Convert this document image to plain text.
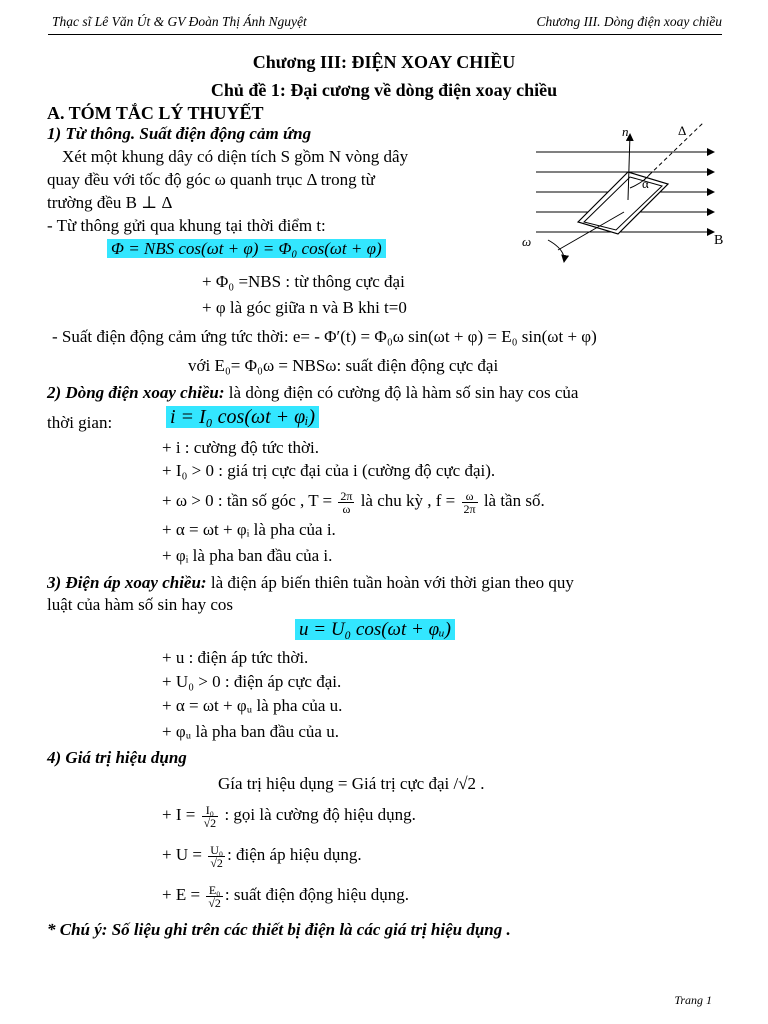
Thạc sĩ Lê Văn Út & GV Đoàn Thị Ánh Nguyệt	Chương III. Dòng điện xoay chiều
Chương III: ĐIỆN XOAY CHIỀU
Chủ đề 1: Đại cương về dòng điện xoay chiều
A. TÓM TẮC LÝ THUYẾT
1) Từ thông. Suất điện động cảm ứng
Xét một khung dây có diện tích S gồm N vòng dây
quay đều với tốc độ góc ω quanh trục Δ trong từ
trường đều B ⊥ Δ
- Từ thông gửi qua khung tại thời điểm t:
Φ = NBS cos(ωt + φ) = Φ₀ cos(ωt + φ)
+ Φ₀ =NBS : từ thông cực đại
+ φ là góc giữa n và B khi t=0
- Suất điện động cảm ứng tức thời: e= - Φ′(t) = Φ₀ω sin(ωt + φ) = E₀ sin(ωt + φ)
với E₀= Φ₀ω = NBSω: suất điện động cực đại
n	Δ
α
ω	B
2) Dòng điện xoay chiều: là dòng điện có cường độ là hàm số sin hay cos của
thời gian:	i = I₀ cos(ωt + φᵢ)
+ i : cường độ tức thời.
+ I₀ > 0 : giá trị cực đại của i (cường độ cực đại).
+ ω > 0 : tần số góc , $T = \frac{2\pi}{\omega}$ là chu kỳ , $f = \frac{\omega}{2\pi}$ là tần số.
+ α = ωt + φᵢ là pha của i.
+ φᵢ là pha ban đầu của i.
3) Điện áp xoay chiều: là điện áp biến thiên tuần hoàn với thời gian theo quy
luật của hàm số sin hay cos
u = U₀ cos(ωt + φᵤ)
+ u : điện áp tức thời.
+ U₀ > 0 : điện áp cực đại.
+ α = ωt + φᵤ là pha của u.
+ φᵤ là pha ban đầu của u.
4) Giá trị hiệu dụng
Gía trị hiệu dụng = Giá trị cực đại /√2 .
+ $I = \frac{\text{I₀}}{√2}$ : gọi là cường độ hiệu dụng.
+ $U = \frac{\text{U₀}}{√2}$ : điện áp hiệu dụng.
+ $E = \frac{\text{E₀}}{√2}$ : suất điện động hiệu dụng.
* Chú ý: Số liệu ghi trên các thiết bị điện là các giá trị hiệu dụng .
Trang 1
